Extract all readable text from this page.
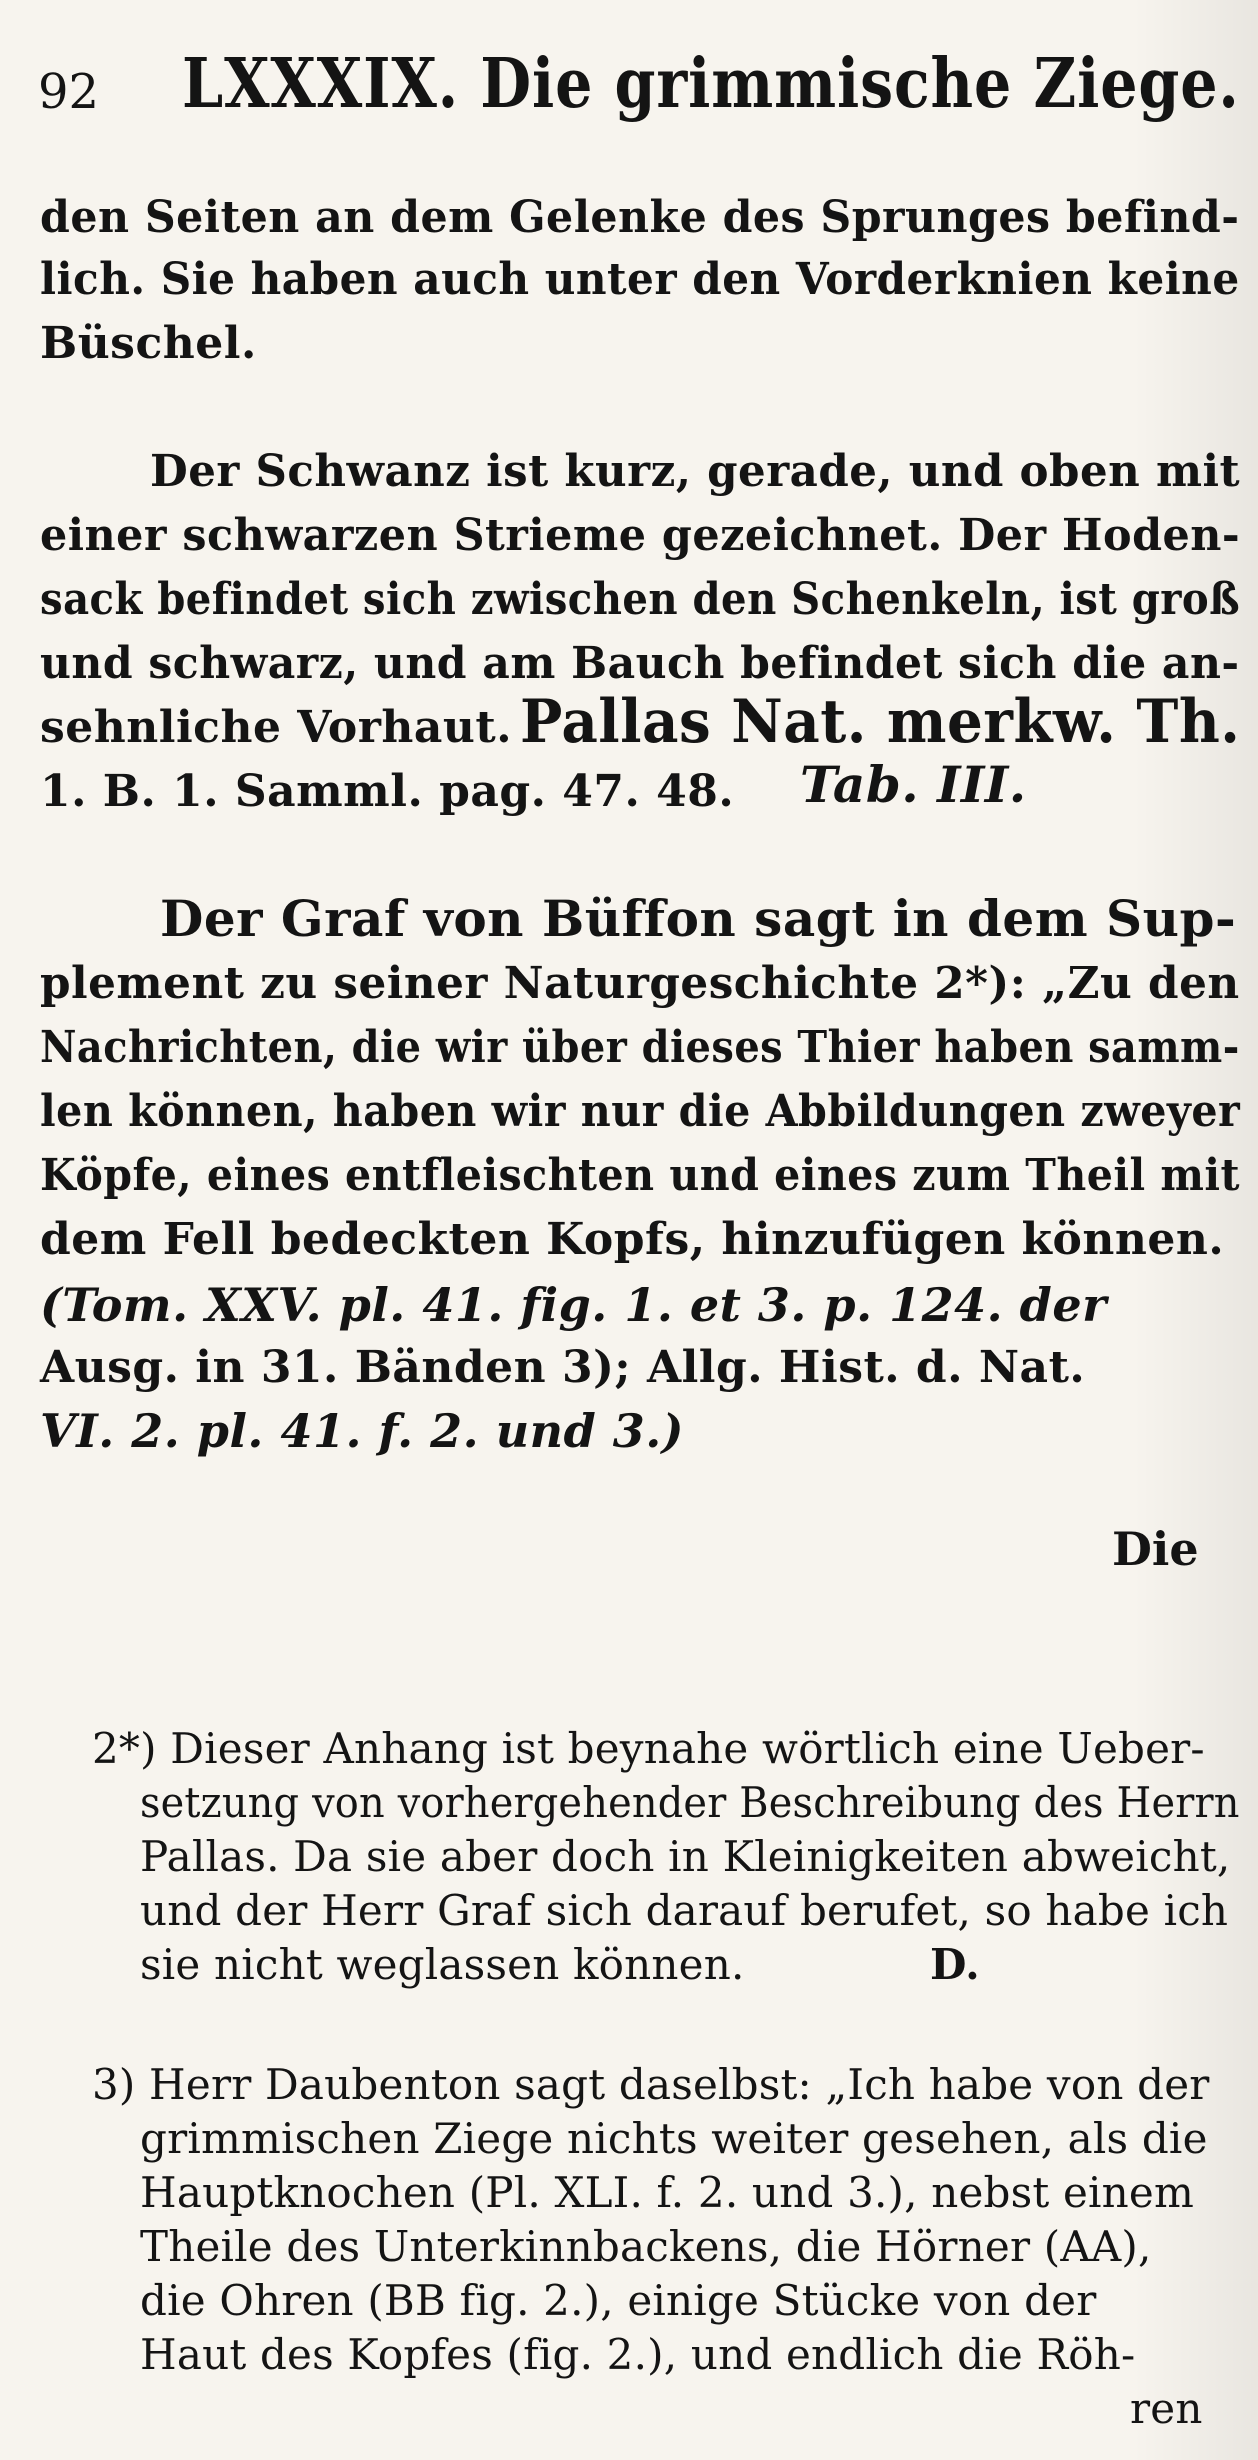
92 LXXXIX. Die grimmische Ziege.
den Seiten an dem Gelenke des Sprunges befind-
lich. Sie haben auch unter den Vorderknien keine
Büschel.
Der Schwanz ist kurz, gerade, und oben mit
einer schwarzen Strieme gezeichnet. Der Hoden-
sack befindet sich zwischen den Schenkeln, ist groß
und schwarz, und am Bauch befindet sich die an-
sehnliche Vorhaut. Pallas Nat. merkw. Th.
1. B. 1. Samml. pag. 47. 48. Tab. III.
Der Graf von Büffon sagt in dem Sup-
plement zu seiner Naturgeschichte 2*): „Zu den
Nachrichten, die wir über dieses Thier haben samm-
len können, haben wir nur die Abbildungen zweyer
Köpfe, eines entfleischten und eines zum Theil mit
dem Fell bedeckten Kopfs, hinzufügen können.
(Tom. XXV. pl. 41. fig. 1. et 3. p. 124. der
Ausg. in 31. Bänden 3); Allg. Hist. d. Nat.
VI. 2. pl. 41. f. 2. und 3.)
Die
2*) Dieser Anhang ist beynahe wörtlich eine Ueber-
setzung von vorhergehender Beschreibung des Herrn
Pallas. Da sie aber doch in Kleinigkeiten abweicht,
und der Herr Graf sich darauf berufet, so habe ich
sie nicht weglassen können.	D.
3) Herr Daubenton sagt daselbst: „Ich habe von der
grimmischen Ziege nichts weiter gesehen, als die
Hauptknochen (Pl. XLI. f. 2. und 3.), nebst einem
Theile des Unterkinnbackens, die Hörner (AA),
die Ohren (BB fig. 2.), einige Stücke von der
Haut des Kopfes (fig. 2.), und endlich die Röh-
ren
